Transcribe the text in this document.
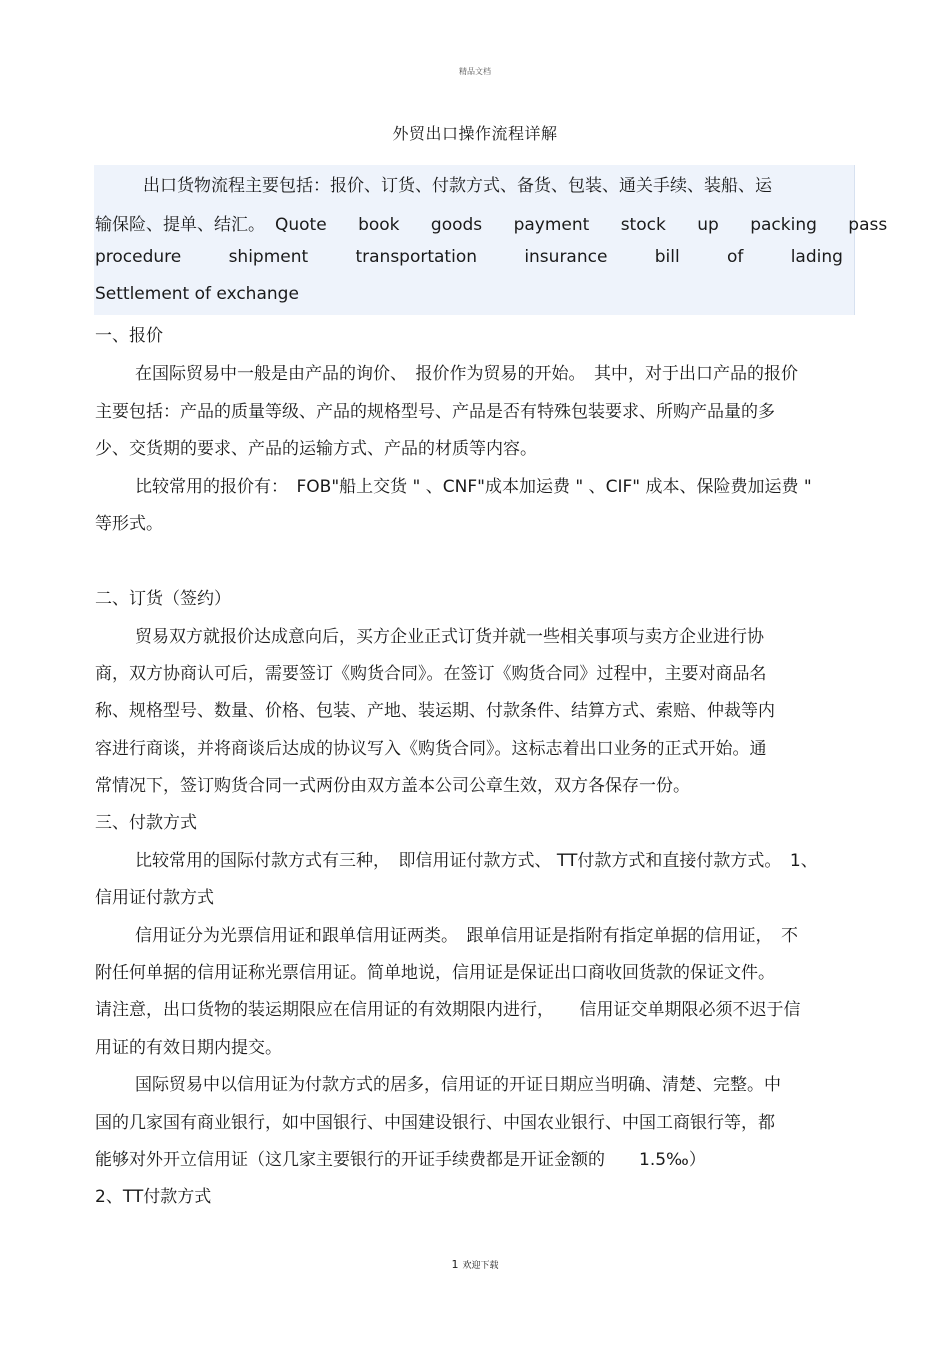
精品文档
外贸出口操作流程详解
出口货物流程主要包括：报价、订货、付款方式、备货、包装、通关手续、装船、运
输保险、提单、结汇。 Quote book goods payment stock up packing pass
procedure	shipment	transportation	insurance	bill	of	lading
Settlement of exchange
一、报价
在国际贸易中一般是由产品的询价、　报价作为贸易的开始。　其中，对于出口产品的报价
主要包括：产品的质量等级、产品的规格型号、产品是否有特殊包装要求、所购产品量的多
少、交货期的要求、产品的运输方式、产品的材质等内容。
比较常用的报价有：　FOB"船上交货 " 、CNF"成本加运费 " 、CIF" 成本、保险费加运费 "
等形式。
二、订货（签约）
贸易双方就报价达成意向后，买方企业正式订货并就一些相关事项与卖方企业进行协
商，双方协商认可后，需要签订《购货合同》。在签订《购货合同》过程中，主要对商品名
称、规格型号、数量、价格、包装、产地、装运期、付款条件、结算方式、索赔、仲裁等内
容进行商谈，并将商谈后达成的协议写入《购货合同》。这标志着出口业务的正式开始。通
常情况下，签订购货合同一式两份由双方盖本公司公章生效，双方各保存一份。
三、付款方式
比较常用的国际付款方式有三种，　即信用证付款方式、 TT付款方式和直接付款方式。　1、
信用证付款方式
信用证分为光票信用证和跟单信用证两类。　跟单信用证是指附有指定单据的信用证，　不
附任何单据的信用证称光票信用证。简单地说，信用证是保证出口商收回货款的保证文件。
请注意，出口货物的装运期限应在信用证的有效期限内进行，　　信用证交单期限必须不迟于信
用证的有效日期内提交。
国际贸易中以信用证为付款方式的居多，信用证的开证日期应当明确、清楚、完整。中
国的几家国有商业银行，如中国银行、中国建设银行、中国农业银行、中国工商银行等，都
能够对外开立信用证（这几家主要银行的开证手续费都是开证金额的　　1.5‰）
2、TT付款方式
1 欢迎下载
